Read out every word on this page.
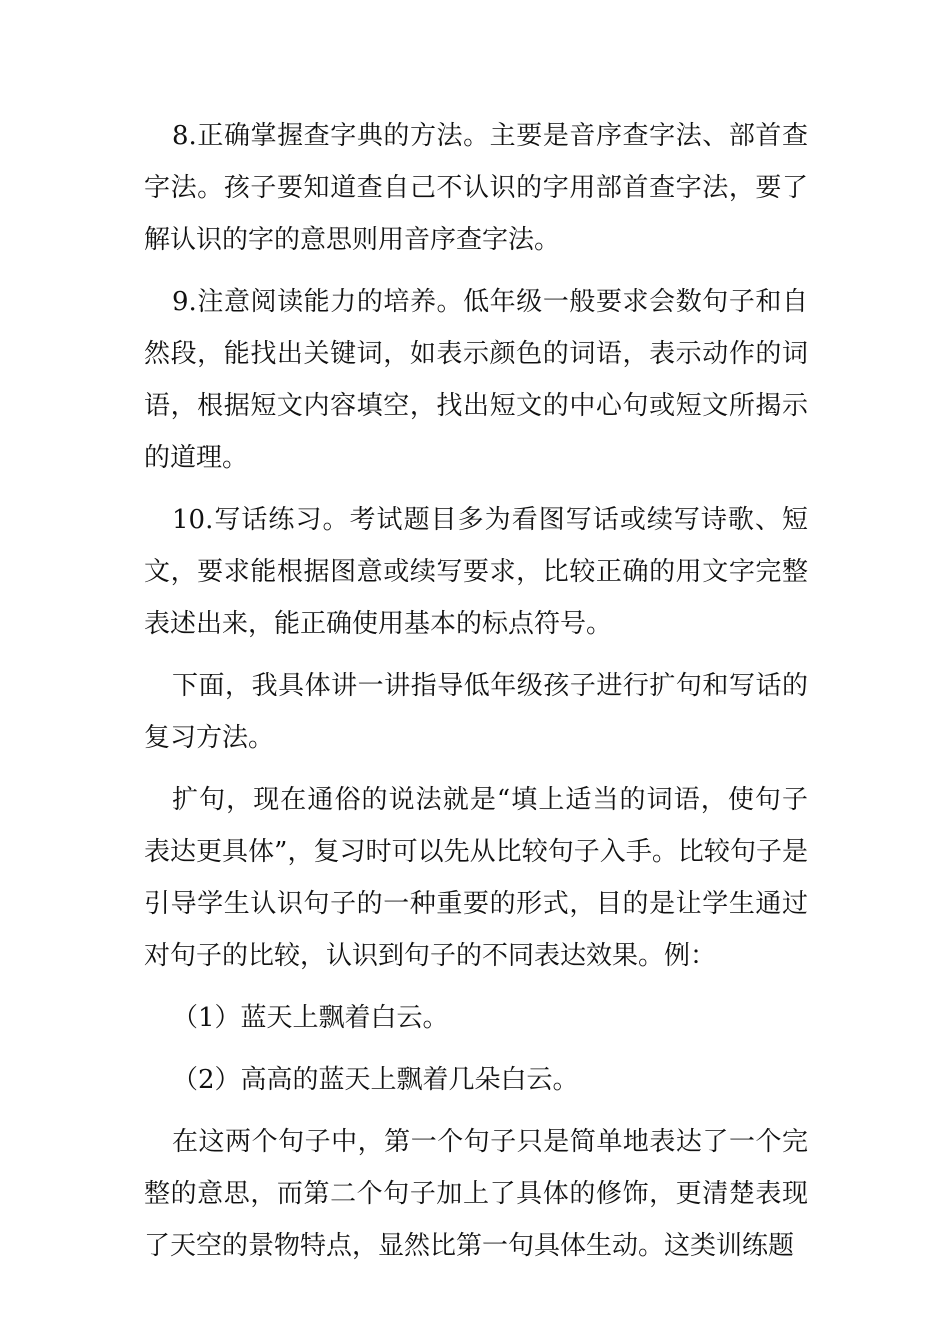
8.正确掌握查字典的方法。主要是音序查字法、部首查字法。孩子要知道查自己不认识的字用部首查字法，要了解认识的字的意思则用音序查字法。

9.注意阅读能力的培养。低年级一般要求会数句子和自然段，能找出关键词，如表示颜色的词语，表示动作的词语，根据短文内容填空，找出短文的中心句或短文所揭示的道理。

10.写话练习。考试题目多为看图写话或续写诗歌、短文，要求能根据图意或续写要求，比较正确的用文字完整表述出来，能正确使用基本的标点符号。

下面，我具体讲一讲指导低年级孩子进行扩句和写话的复习方法。

扩句，现在通俗的说法就是“填上适当的词语，使句子表达更具体”，复习时可以先从比较句子入手。比较句子是引导学生认识句子的一种重要的形式，目的是让学生通过对句子的比较，认识到句子的不同表达效果。例：

（1）蓝天上飘着白云。

（2）高高的蓝天上飘着几朵白云。

在这两个句子中，第一个句子只是简单地表达了一个完整的意思，而第二个句子加上了具体的修饰，更清楚表现了天空的景物特点，显然比第一句具体生动。这类训练题
